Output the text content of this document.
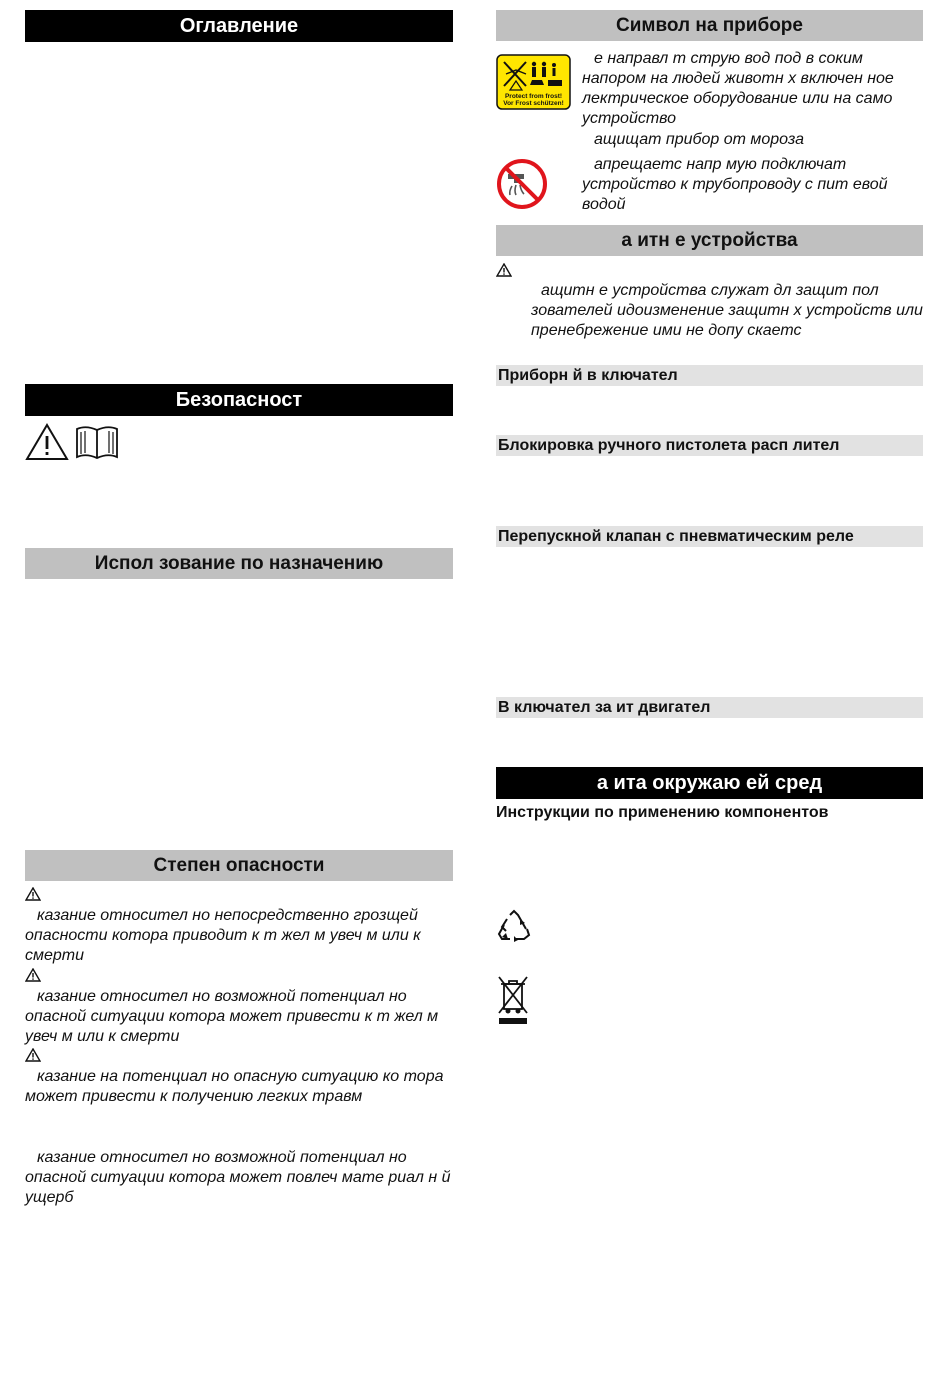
Оглавление
Безопасност
Испол зование по назначению
Степен опасности
казание относител но непосредственно грозщей опасности котора приводит к т жел м увеч м или к смерти
казание относител но возможной потенциал но опасной ситуации котора может привести к т жел м увеч м или к смерти
казание на потенциал но опасную ситуацию ко тора может привести к получению легких травм
казание относител но возможной потенциал но опасной ситуации котора может повлеч мате риал н й ущерб
Символ на приборе
Protect from frost!
Vor Frost schützen!
е направл т струю вод под в соким напором на людей животн х включен ное лектрическое оборудование или на само устройство
ащищат прибор от мороза
апрещаетс напр мую подключат устройство к трубопроводу с пит евой водой
а итн е устройства
ащитн е устройства служат дл защит пол зователей идоизменение защитн х устройств или пренебрежение ими не допу скаетс
Приборн й в ключател
Блокировка ручного пистолета расп лител
Перепускной клапан с пневматическим реле
В ключател за ит двигател
а ита окружаю ей сред
Инструкции по применению компонентов
